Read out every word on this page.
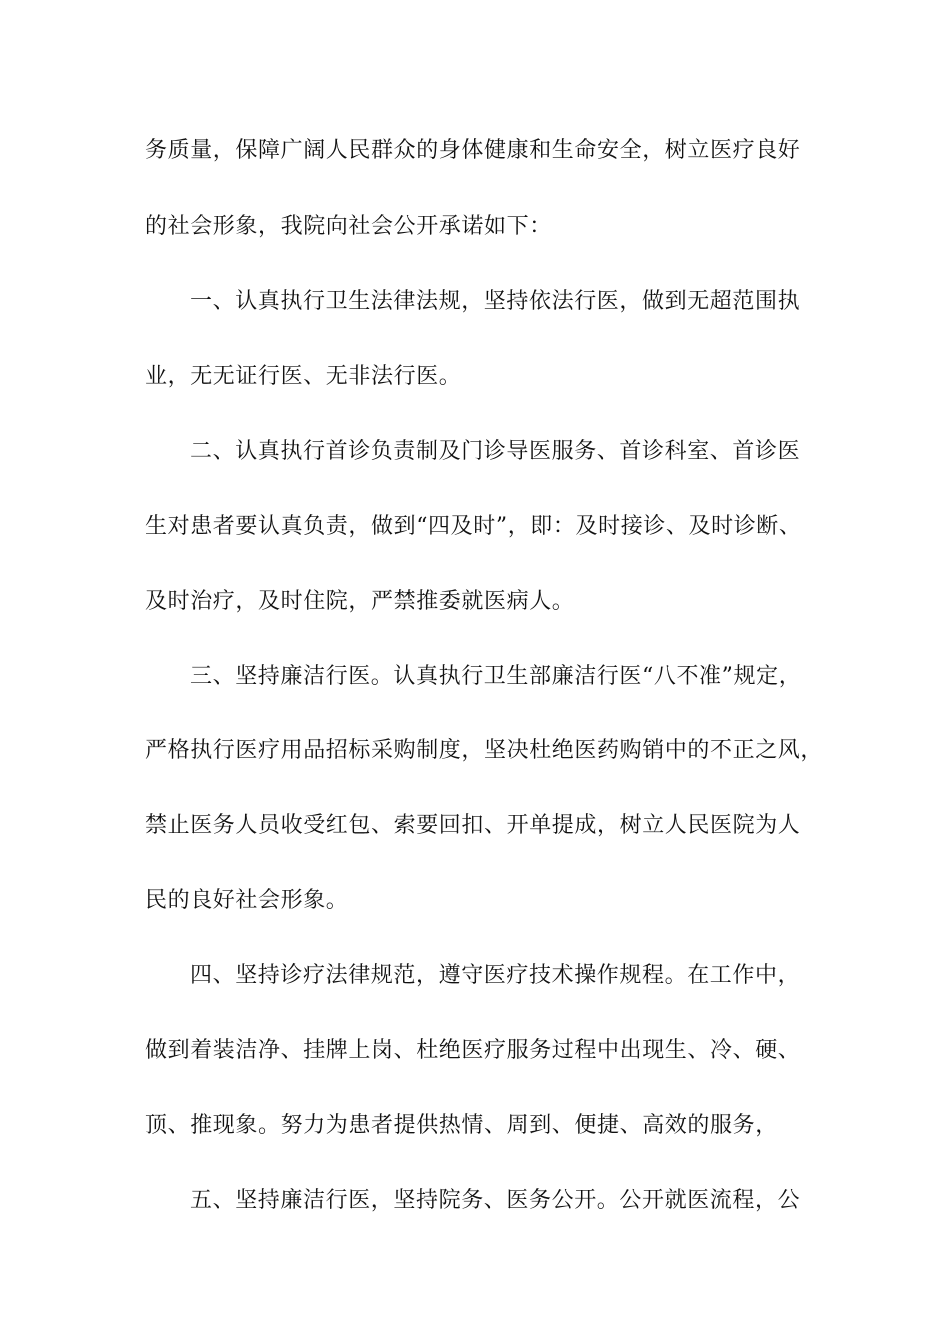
务质量，保障广阔人民群众的身体健康和生命安全，树立医疗良好
的社会形象，我院向社会公开承诺如下：
一、认真执行卫生法律法规，坚持依法行医，做到无超范围执
业，无无证行医、无非法行医。
二、认真执行首诊负责制及门诊导医服务、首诊科室、首诊医
生对患者要认真负责，做到“四及时”，即：及时接诊、及时诊断、
及时治疗，及时住院，严禁推委就医病人。
三、坚持廉洁行医。认真执行卫生部廉洁行医“八不准”规定，
严格执行医疗用品招标采购制度，坚决杜绝医药购销中的不正之风，
禁止医务人员收受红包、索要回扣、开单提成，树立人民医院为人
民的良好社会形象。
四、坚持诊疗法律规范，遵守医疗技术操作规程。在工作中，
做到着装洁净、挂牌上岗、杜绝医疗服务过程中出现生、冷、硬、
顶、推现象。努力为患者提供热情、周到、便捷、高效的服务，
五、坚持廉洁行医，坚持院务、医务公开。公开就医流程，公
